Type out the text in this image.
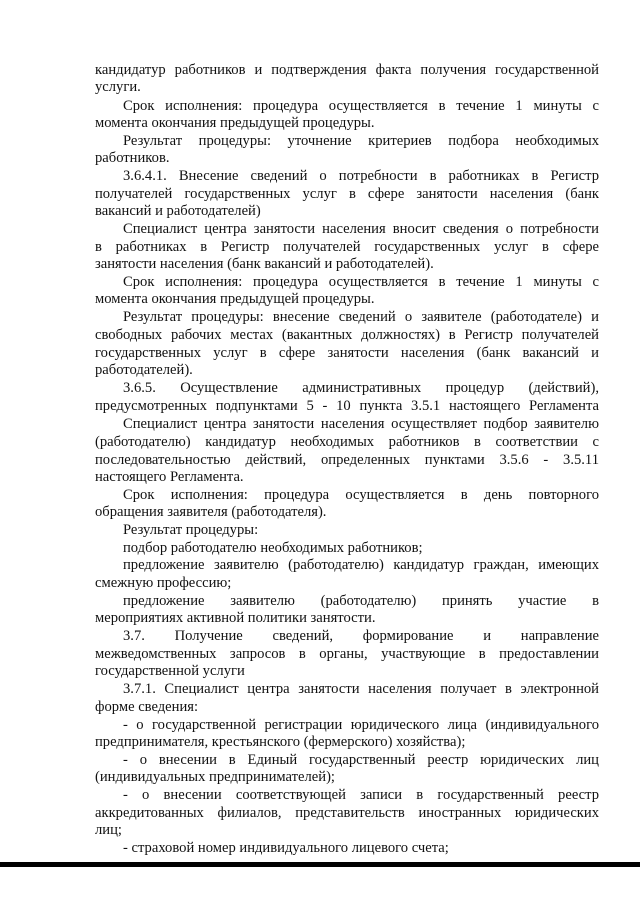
кандидатур работников и подтверждения факта получения государственной
услуги.
Срок исполнения: процедура осуществляется в течение 1 минуты с
момента окончания предыдущей процедуры.
Результат процедуры: уточнение критериев подбора необходимых
работников.
3.6.4.1. Внесение сведений о потребности в работниках в Регистр
получателей государственных услуг в сфере занятости населения (банк
вакансий и работодателей)
Специалист центра занятости населения вносит сведения о потребности
в работниках в Регистр получателей государственных услуг в сфере
занятости населения (банк вакансий и работодателей).
Срок исполнения: процедура осуществляется в течение 1 минуты с
момента окончания предыдущей процедуры.
Результат процедуры: внесение сведений о заявителе (работодателе) и
свободных рабочих местах (вакантных должностях) в Регистр получателей
государственных услуг в сфере занятости населения (банк вакансий и
работодателей).
3.6.5. Осуществление административных процедур (действий),
предусмотренных подпунктами 5 - 10 пункта 3.5.1 настоящего Регламента
Специалист центра занятости населения осуществляет подбор заявителю
(работодателю) кандидатур необходимых работников в соответствии с
последовательностью действий, определенных пунктами 3.5.6 - 3.5.11
настоящего Регламента.
Срок исполнения: процедура осуществляется в день повторного
обращения заявителя (работодателя).
Результат процедуры:
подбор работодателю необходимых работников;
предложение заявителю (работодателю) кандидатур граждан, имеющих
смежную профессию;
предложение заявителю (работодателю) принять участие в
мероприятиях активной политики занятости.
3.7. Получение сведений, формирование и направление
межведомственных запросов в органы, участвующие в предоставлении
государственной услуги
3.7.1. Специалист центра занятости населения получает в электронной
форме сведения:
- о государственной регистрации юридического лица (индивидуального
предпринимателя, крестьянского (фермерского) хозяйства);
- о внесении в Единый государственный реестр юридических лиц
(индивидуальных предпринимателей);
- о внесении соответствующей записи в государственный реестр
аккредитованных филиалов, представительств иностранных юридических
лиц;
- страховой номер индивидуального лицевого счета;
